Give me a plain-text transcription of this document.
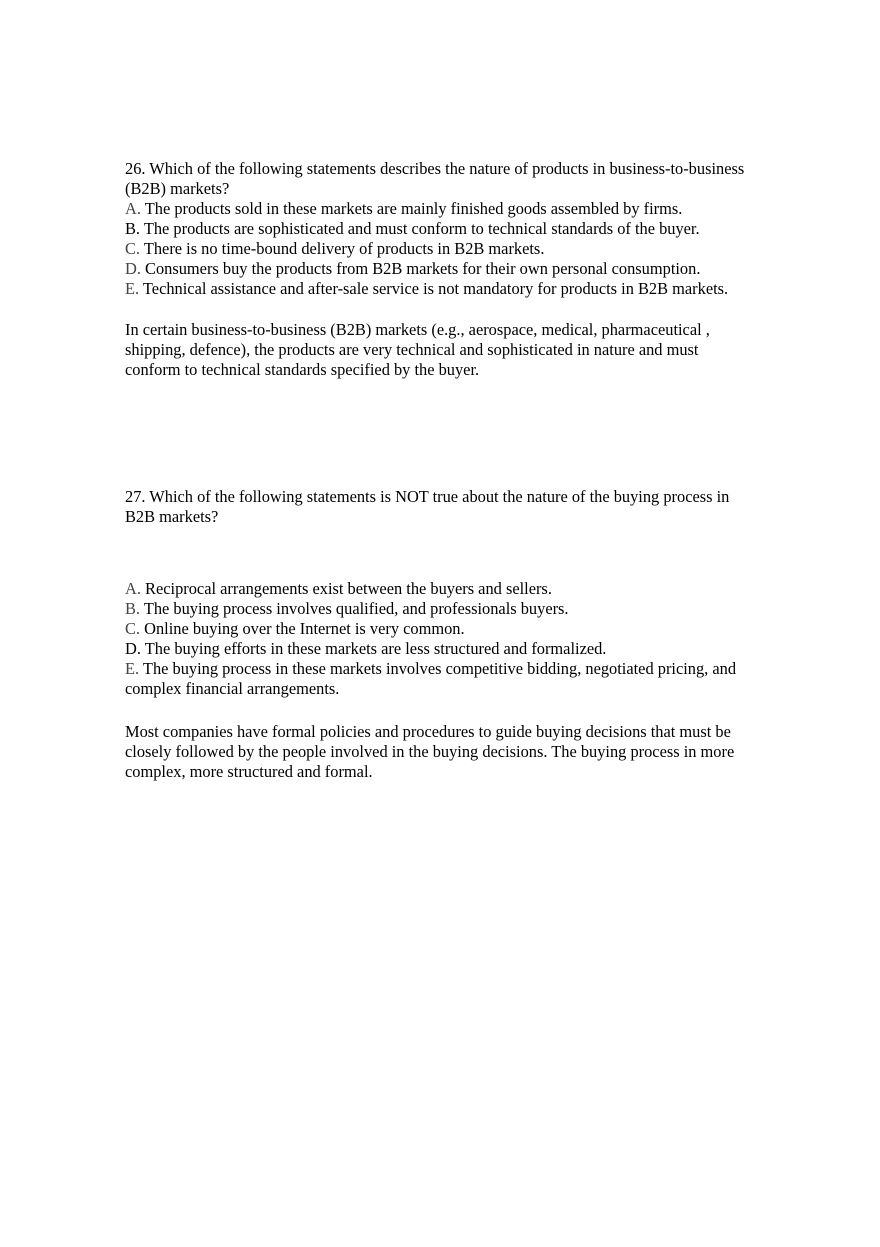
26. Which of the following statements describes the nature of products in business-to-business
(B2B) markets?
A. The products sold in these markets are mainly finished goods assembled by firms.
B. The products are sophisticated and must conform to technical standards of the buyer.
C. There is no time-bound delivery of products in B2B markets.
D. Consumers buy the products from B2B markets for their own personal consumption.
E. Technical assistance and after-sale service is not mandatory for products in B2B markets.
In certain business-to-business (B2B) markets (e.g., aerospace, medical, pharmaceutical ,
shipping, defence), the products are very technical and sophisticated in nature and must
conform to technical standards specified by the buyer.
27. Which of the following statements is NOT true about the nature of the buying process in
B2B markets?
A. Reciprocal arrangements exist between the buyers and sellers.
B. The buying process involves qualified, and professionals buyers.
C. Online buying over the Internet is very common.
D. The buying efforts in these markets are less structured and formalized.
E. The buying process in these markets involves competitive bidding, negotiated pricing, and
complex financial arrangements.
Most companies have formal policies and procedures to guide buying decisions that must be
closely followed by the people involved in the buying decisions. The buying process in more
complex, more structured and formal.
